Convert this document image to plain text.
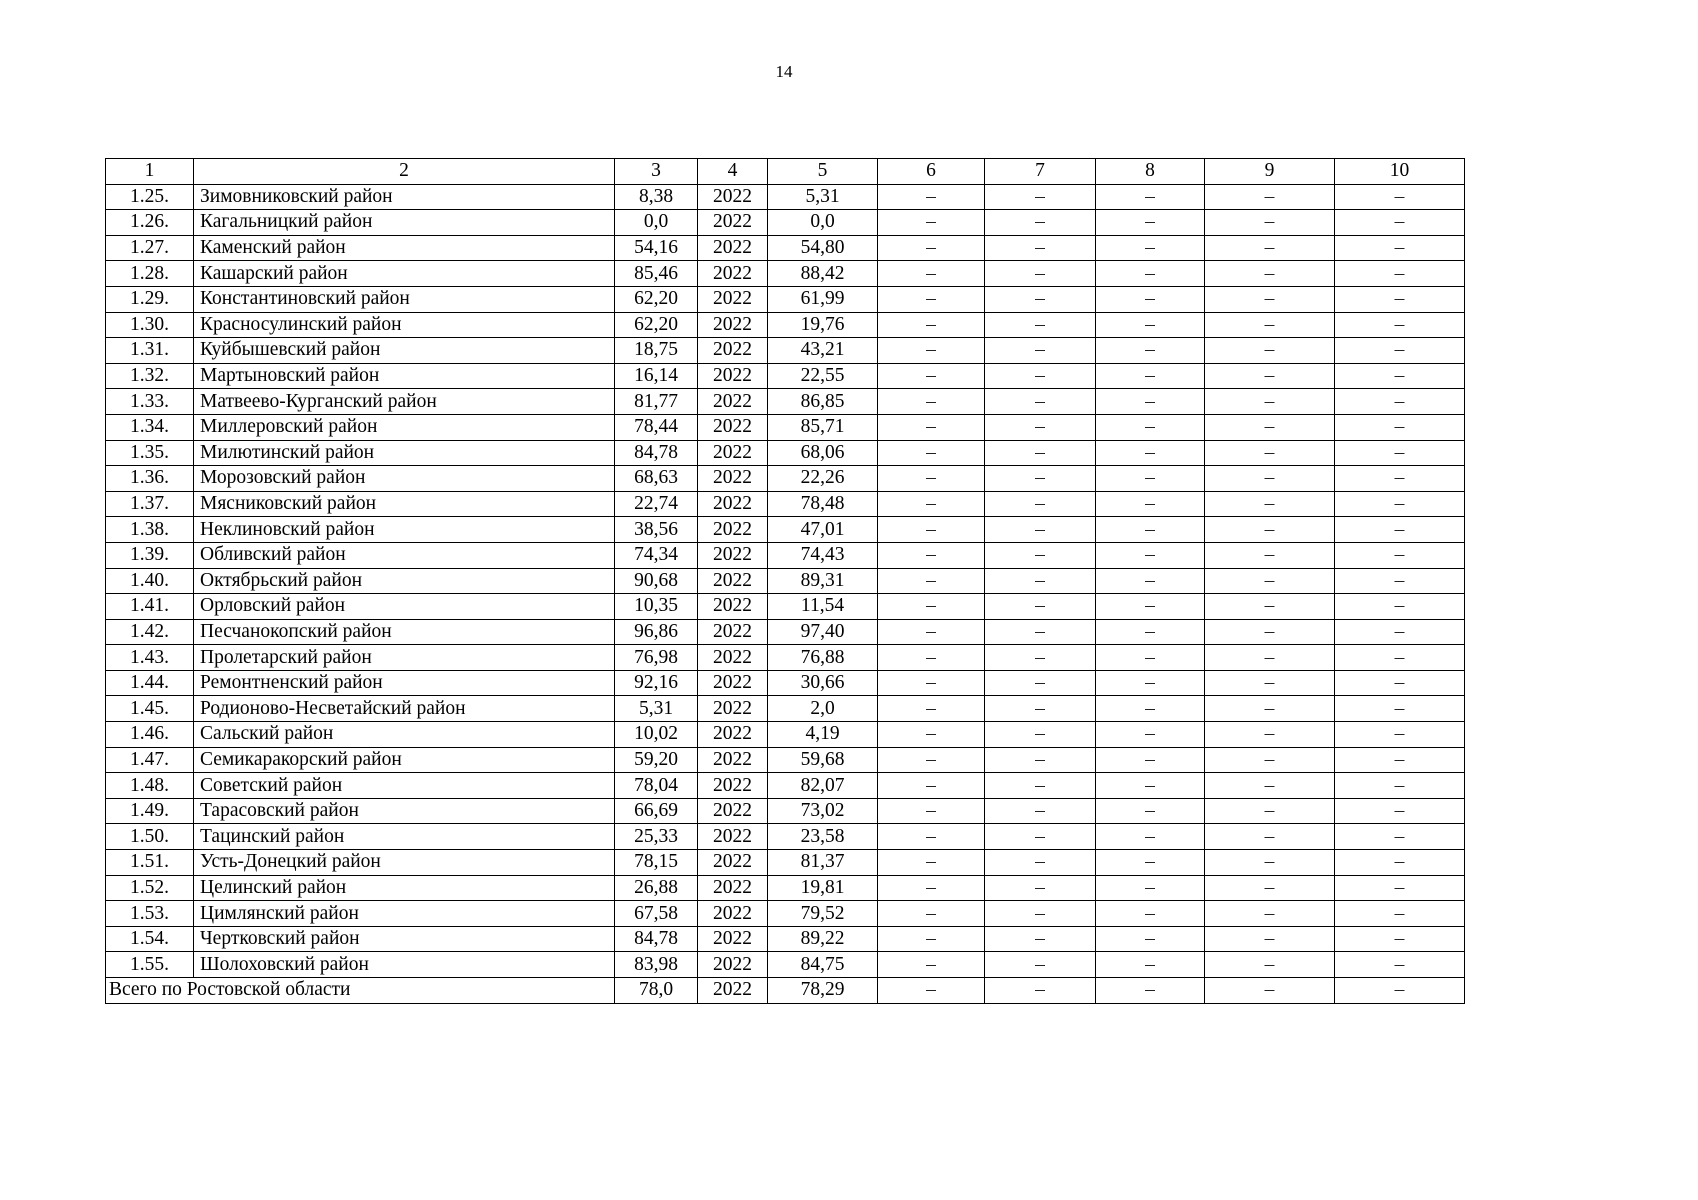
14
1	2	3	4	5	6	7	8	9	10
1.25.	Зимовниковский район	8,38	2022	5,31	–	–	–	–	–
1.26.	Кагальницкий район	0,0	2022	0,0	–	–	–	–	–
1.27.	Каменский район	54,16	2022	54,80	–	–	–	–	–
1.28.	Кашарский район	85,46	2022	88,42	–	–	–	–	–
1.29.	Константиновский район	62,20	2022	61,99	–	–	–	–	–
1.30.	Красносулинский район	62,20	2022	19,76	–	–	–	–	–
1.31.	Куйбышевский район	18,75	2022	43,21	–	–	–	–	–
1.32.	Мартыновский район	16,14	2022	22,55	–	–	–	–	–
1.33.	Матвеево-Курганский район	81,77	2022	86,85	–	–	–	–	–
1.34.	Миллеровский район	78,44	2022	85,71	–	–	–	–	–
1.35.	Милютинский район	84,78	2022	68,06	–	–	–	–	–
1.36.	Морозовский район	68,63	2022	22,26	–	–	–	–	–
1.37.	Мясниковский район	22,74	2022	78,48	–	–	–	–	–
1.38.	Неклиновский район	38,56	2022	47,01	–	–	–	–	–
1.39.	Обливский район	74,34	2022	74,43	–	–	–	–	–
1.40.	Октябрьский район	90,68	2022	89,31	–	–	–	–	–
1.41.	Орловский район	10,35	2022	11,54	–	–	–	–	–
1.42.	Песчанокопский район	96,86	2022	97,40	–	–	–	–	–
1.43.	Пролетарский район	76,98	2022	76,88	–	–	–	–	–
1.44.	Ремонтненский район	92,16	2022	30,66	–	–	–	–	–
1.45.	Родионово-Несветайский район	5,31	2022	2,0	–	–	–	–	–
1.46.	Сальский район	10,02	2022	4,19	–	–	–	–	–
1.47.	Семикаракорский район	59,20	2022	59,68	–	–	–	–	–
1.48.	Советский район	78,04	2022	82,07	–	–	–	–	–
1.49.	Тарасовский район	66,69	2022	73,02	–	–	–	–	–
1.50.	Тацинский район	25,33	2022	23,58	–	–	–	–	–
1.51.	Усть-Донецкий район	78,15	2022	81,37	–	–	–	–	–
1.52.	Целинский район	26,88	2022	19,81	–	–	–	–	–
1.53.	Цимлянский район	67,58	2022	79,52	–	–	–	–	–
1.54.	Чертковский район	84,78	2022	89,22	–	–	–	–	–
1.55.	Шолоховский район	83,98	2022	84,75	–	–	–	–	–
Всего по Ростовской области		78,0	2022	78,29	–	–	–	–	–
